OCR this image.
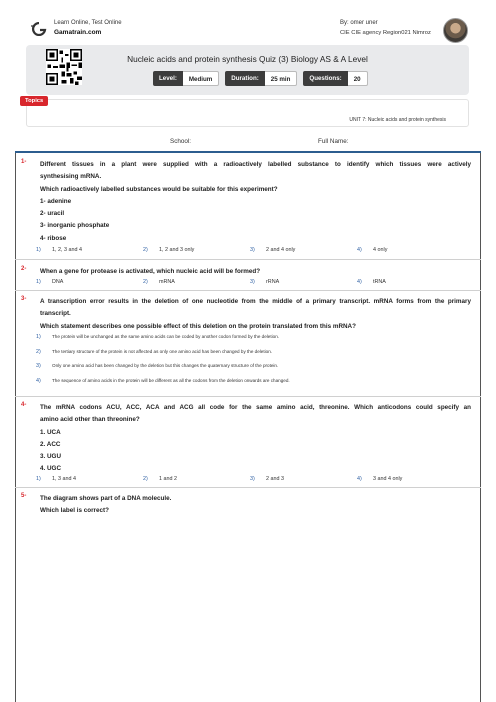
Learn Online, Test Online
Gamatrain.com
By: omer uner
CIE CIE agency Region021 Nimroz
Nucleic acids and protein synthesis Quiz (3) Biology AS & A Level
Level:	Medium	Duration:	25 min	Questions:	20
UNIT 7: Nucleic acids and protein synthesis
Topics
School:	Full Name:
1- Different tissues in a plant were supplied with a radioactively labelled substance to identify which tissues were actively
synthesising mRNA.
Which radioactively labelled substances would be suitable for this experiment?
1- adenine
2- uracil
3- inorganic phosphate
4- ribose
1)	1, 2, 3 and 4	2)	1, 2 and 3 only	3)	2 and 4 only	4)	4 only
2- When a gene for protease is activated, which nucleic acid will be formed?
1)	DNA	2)	mRNA	3)	rRNA	4)	tRNA
3- A transcription error results in the deletion of one nucleotide from the middle of a primary transcript. mRNA forms from the primary
transcript.
Which statement describes one possible effect of this deletion on the protein translated from this mRNA?
1)	The protein will be unchanged as the same amino acids can be coded by another codon formed by the deletion.
2)	The tertiary structure of the protein is not affected as only one amino acid has been changed by the deletion.
3)	Only one amino acid has been changed by the deletion but this changes the quaternary structure of the protein.
4)	The sequence of amino acids in the protein will be different as all the codons from the deletion onwards are changed.
4- The mRNA codons ACU, ACC, ACA and ACG all code for the same amino acid, threonine. Which anticodons could specify an
amino acid other than threonine?
1. UCA
2. ACC
3. UGU
4. UGC
1)	1, 3 and 4	2)	1 and 2	3)	2 and 3	4)	3 and 4 only
5- The diagram shows part of a DNA molecule.
Which label is correct?
